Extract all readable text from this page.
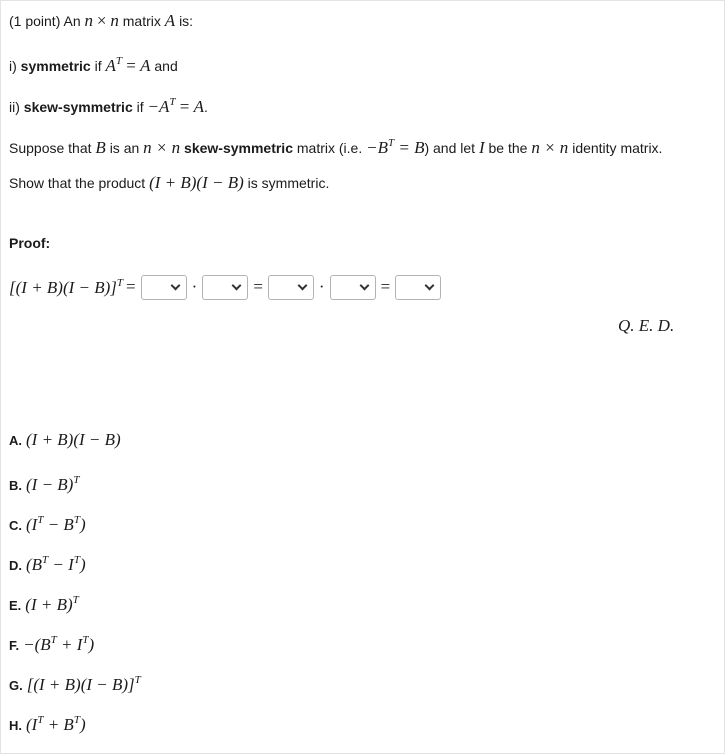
(1 point) An n × n matrix A is:
i) symmetric if $A^T = A$ and
ii) skew-symmetric if $-A^T = A$.
Suppose that B is an n × n skew-symmetric matrix (i.e. $-B^T = B$) and let I be the n × n identity matrix.
Show that the product (I + B)(I − B) is symmetric.
Proof:
$[(I + B)(I - B)]^T$ =	·	=	·	=
Q. E. D.
A. (I + B)(I − B)
B. $(I - B)^T$
C. $(I^T - B^T)$
D. $(B^T - I^T)$
E. $(I + B)^T$
F. $-(B^T + I^T)$
G. $[(I + B)(I - B)]^T$
H. $(I^T + B^T)$
